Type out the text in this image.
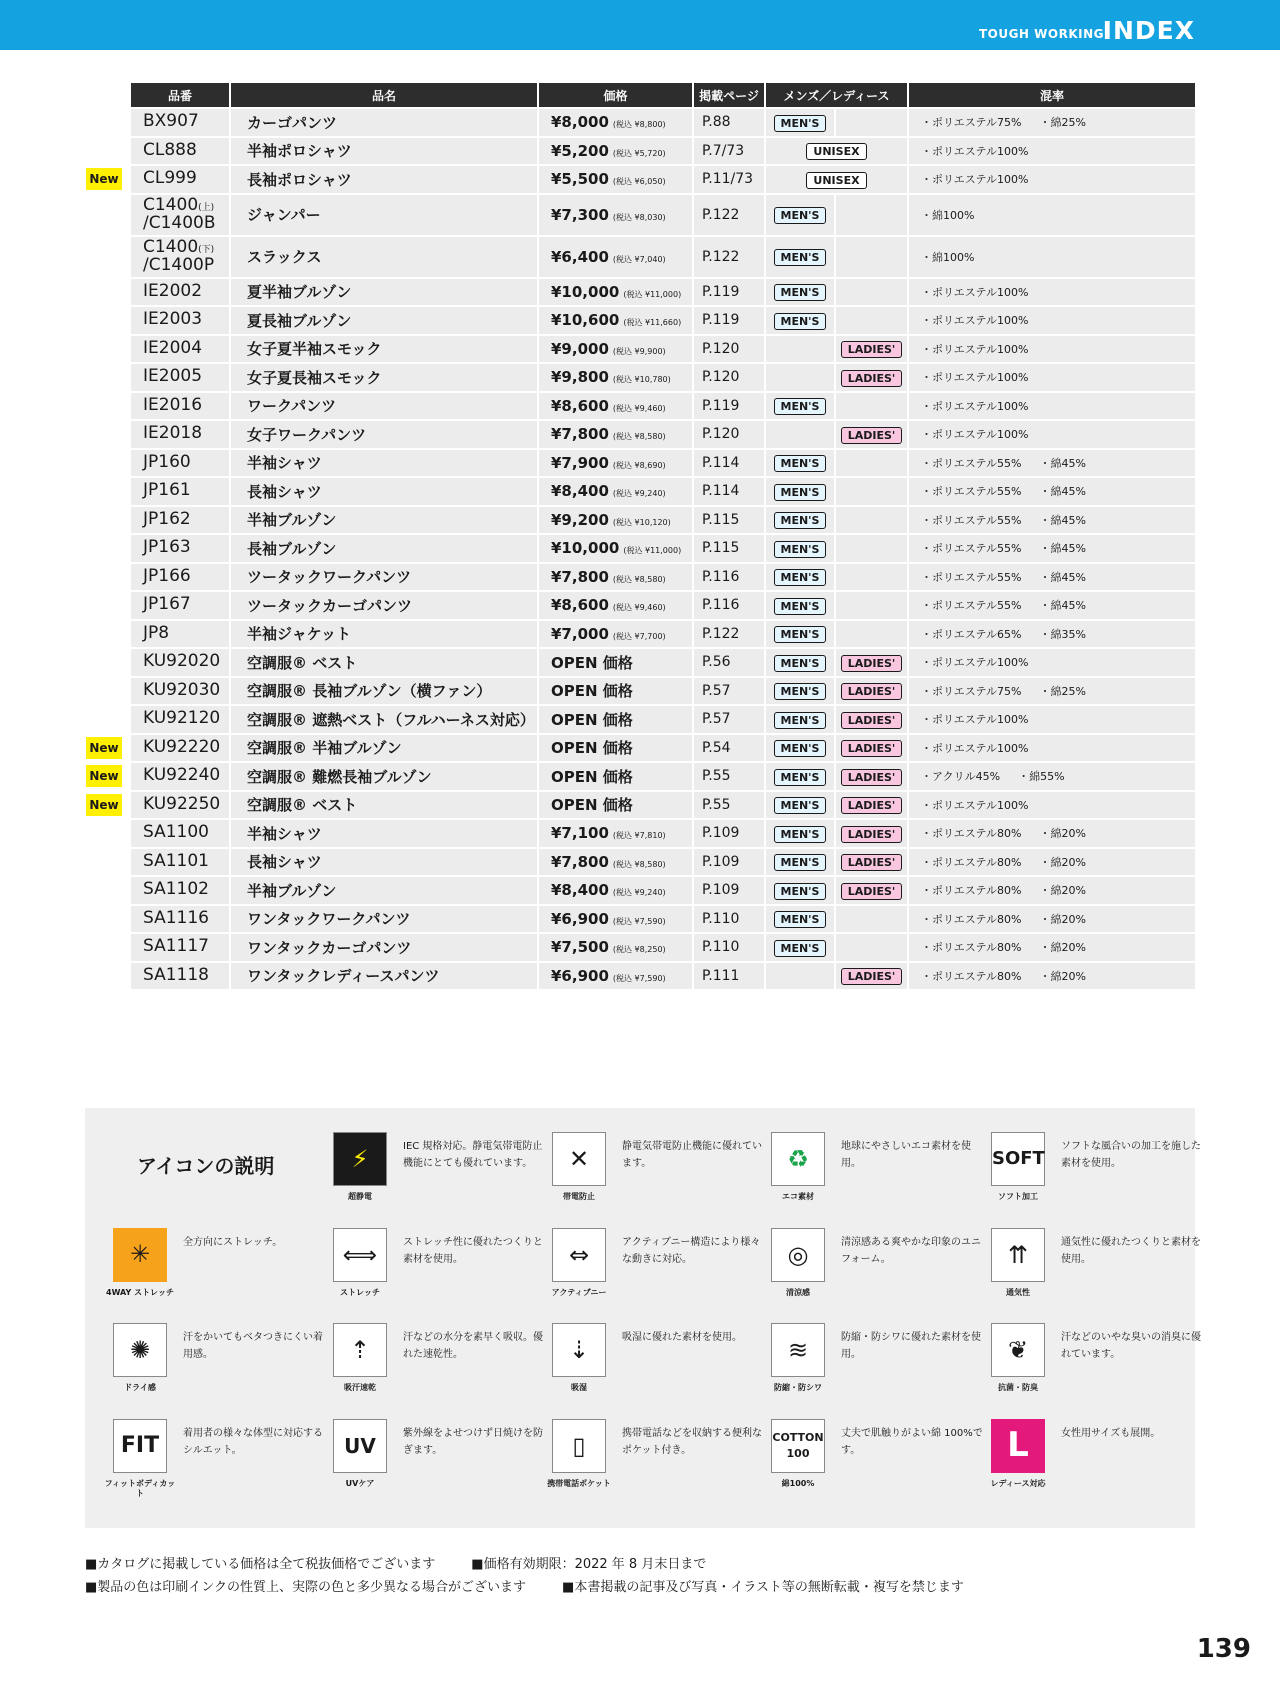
TOUGH WORKING
INDEX
品番	品名	価格	掲載ページ	メンズ／レディース		混率
BX907	カーゴパンツ	¥8,000 (税込 ¥8,800)	P.88	MEN'S		・ポリエステル75% ・綿25%
CL888	半袖ポロシャツ	¥5,200 (税込 ¥5,720)	P.7/73	UNISEX		・ポリエステル100%
CL999	長袖ポロシャツ	¥5,500 (税込 ¥6,050)	P.11/73	UNISEX		・ポリエステル100%
C1400(上)
/C1400B	ジャンパー	¥7,300 (税込 ¥8,030)	P.122	MEN'S		・綿100%
C1400(下)
/C1400P	スラックス	¥6,400 (税込 ¥7,040)	P.122	MEN'S		・綿100%
IE2002	夏半袖ブルゾン	¥10,000 (税込 ¥11,000)	P.119	MEN'S		・ポリエステル100%
IE2003	夏長袖ブルゾン	¥10,600 (税込 ¥11,660)	P.119	MEN'S		・ポリエステル100%
IE2004	女子夏半袖スモック	¥9,000 (税込 ¥9,900)	P.120		LADIES'	・ポリエステル100%
IE2005	女子夏長袖スモック	¥9,800 (税込 ¥10,780)	P.120		LADIES'	・ポリエステル100%
IE2016	ワークパンツ	¥8,600 (税込 ¥9,460)	P.119	MEN'S		・ポリエステル100%
IE2018	女子ワークパンツ	¥7,800 (税込 ¥8,580)	P.120		LADIES'	・ポリエステル100%
JP160	半袖シャツ	¥7,900 (税込 ¥8,690)	P.114	MEN'S		・ポリエステル55% ・綿45%
JP161	長袖シャツ	¥8,400 (税込 ¥9,240)	P.114	MEN'S		・ポリエステル55% ・綿45%
JP162	半袖ブルゾン	¥9,200 (税込 ¥10,120)	P.115	MEN'S		・ポリエステル55% ・綿45%
JP163	長袖ブルゾン	¥10,000 (税込 ¥11,000)	P.115	MEN'S		・ポリエステル55% ・綿45%
JP166	ツータックワークパンツ	¥7,800 (税込 ¥8,580)	P.116	MEN'S		・ポリエステル55% ・綿45%
JP167	ツータックカーゴパンツ	¥8,600 (税込 ¥9,460)	P.116	MEN'S		・ポリエステル55% ・綿45%
JP8	半袖ジャケット	¥7,000 (税込 ¥7,700)	P.122	MEN'S		・ポリエステル65% ・綿35%
KU92020	空調服® ベスト	OPEN 価格	P.56	MEN'S	LADIES'	・ポリエステル100%
KU92030	空調服® 長袖ブルゾン（横ファン）	OPEN 価格	P.57	MEN'S	LADIES'	・ポリエステル75% ・綿25%
KU92120	空調服® 遮熱ベスト（フルハーネス対応）	OPEN 価格	P.57	MEN'S	LADIES'	・ポリエステル100%
KU92220	空調服® 半袖ブルゾン	OPEN 価格	P.54	MEN'S	LADIES'	・ポリエステル100%
KU92240	空調服® 難燃長袖ブルゾン	OPEN 価格	P.55	MEN'S	LADIES'	・アクリル45% ・綿55%
KU92250	空調服® ベスト	OPEN 価格	P.55	MEN'S	LADIES'	・ポリエステル100%
SA1100	半袖シャツ	¥7,100 (税込 ¥7,810)	P.109	MEN'S	LADIES'	・ポリエステル80% ・綿20%
SA1101	長袖シャツ	¥7,800 (税込 ¥8,580)	P.109	MEN'S	LADIES'	・ポリエステル80% ・綿20%
SA1102	半袖ブルゾン	¥8,400 (税込 ¥9,240)	P.109	MEN'S	LADIES'	・ポリエステル80% ・綿20%
SA1116	ワンタックワークパンツ	¥6,900 (税込 ¥7,590)	P.110	MEN'S		・ポリエステル80% ・綿20%
SA1117	ワンタックカーゴパンツ	¥7,500 (税込 ¥8,250)	P.110	MEN'S		・ポリエステル80% ・綿20%
SA1118	ワンタックレディースパンツ	¥6,900 (税込 ¥7,590)	P.111		LADIES'	・ポリエステル80% ・綿20%
New
New
New
New
アイコンの説明	⚡
超静電
IEC 規格対応。静電気帯電防止機能にとても優れています。	✕
帯電防止
静電気帯電防止機能に優れています。	♻
エコ素材
地球にやさしいエコ素材を使用。	SOFT
ソフト加工
ソフトな風合いの加工を施した素材を使用。
✳
4WAY ストレッチ
全方向にストレッチ。	⟺
ストレッチ
ストレッチ性に優れたつくりと素材を使用。	⇔
アクティブニー
アクティブニー構造により様々な動きに対応。	◎
清涼感
清涼感ある爽やかな印象のユニフォーム。	⇈
通気性
通気性に優れたつくりと素材を使用。
✺
ドライ感
汗をかいてもベタつきにくい着用感。	⇡
吸汗速乾
汗などの水分を素早く吸収。優れた速乾性。	⇣
吸湿
吸湿に優れた素材を使用。	≋
防縮・防シワ
防縮・防シワに優れた素材を使用。	❦
抗菌・防臭
汗などのいやな臭いの消臭に優れています。
FIT
フィットボディカット
着用者の様々な体型に対応するシルエット。	UV
UVケア
紫外線をよせつけず日焼けを防ぎます。	▯
携帯電話ポケット
携帯電話などを収納する便利なポケット付き。
COTTON 100
綿100%
丈夫で肌触りがよい綿 100%です。	L
レディース対応
女性用サイズも展開。
■カタログに掲載している価格は全て税抜価格でございます	■価格有効期限：2022 年 8 月末日まで
■製品の色は印刷インクの性質上、実際の色と多少異なる場合がございます	■本書掲載の記事及び写真・イラスト等の無断転載・複写を禁じます
139
